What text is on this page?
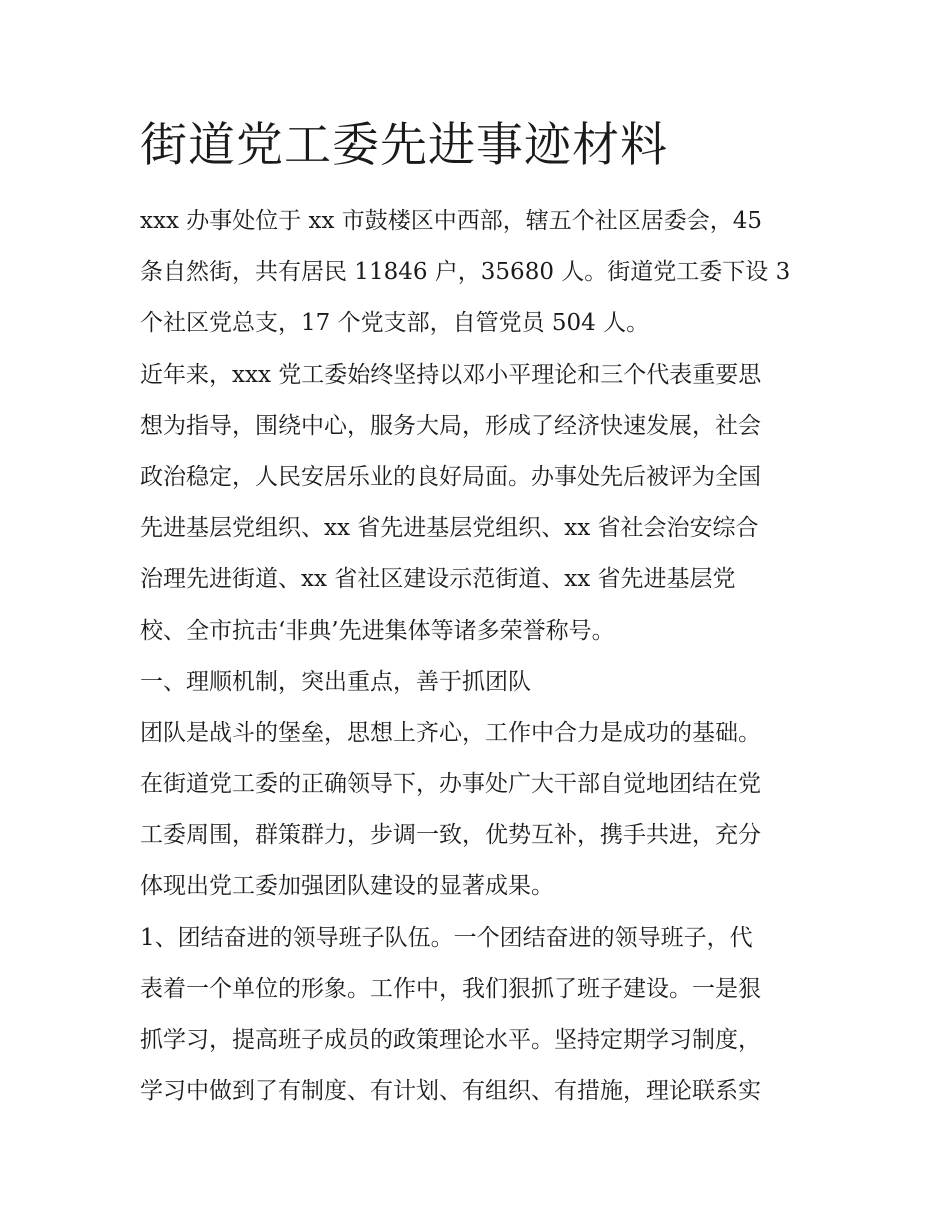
街道党工委先进事迹材料
xxx 办事处位于 xx 市鼓楼区中西部，辖五个社区居委会，45
条自然街，共有居民 11846 户，35680 人。街道党工委下设 3
个社区党总支，17 个党支部，自管党员 504 人。
近年来，xxx 党工委始终坚持以邓小平理论和三个代表重要思
想为指导，围绕中心，服务大局，形成了经济快速发展，社会
政治稳定，人民安居乐业的良好局面。办事处先后被评为全国
先进基层党组织、xx 省先进基层党组织、xx 省社会治安综合
治理先进街道、xx 省社区建设示范街道、xx 省先进基层党
校、全市抗击‘非典’先进集体等诸多荣誉称号。
一、理顺机制，突出重点，善于抓团队
团队是战斗的堡垒，思想上齐心，工作中合力是成功的基础。
在街道党工委的正确领导下，办事处广大干部自觉地团结在党
工委周围，群策群力，步调一致，优势互补，携手共进，充分
体现出党工委加强团队建设的显著成果。
1、团结奋进的领导班子队伍。一个团结奋进的领导班子，代
表着一个单位的形象。工作中，我们狠抓了班子建设。一是狠
抓学习，提高班子成员的政策理论水平。坚持定期学习制度，
学习中做到了有制度、有计划、有组织、有措施，理论联系实
